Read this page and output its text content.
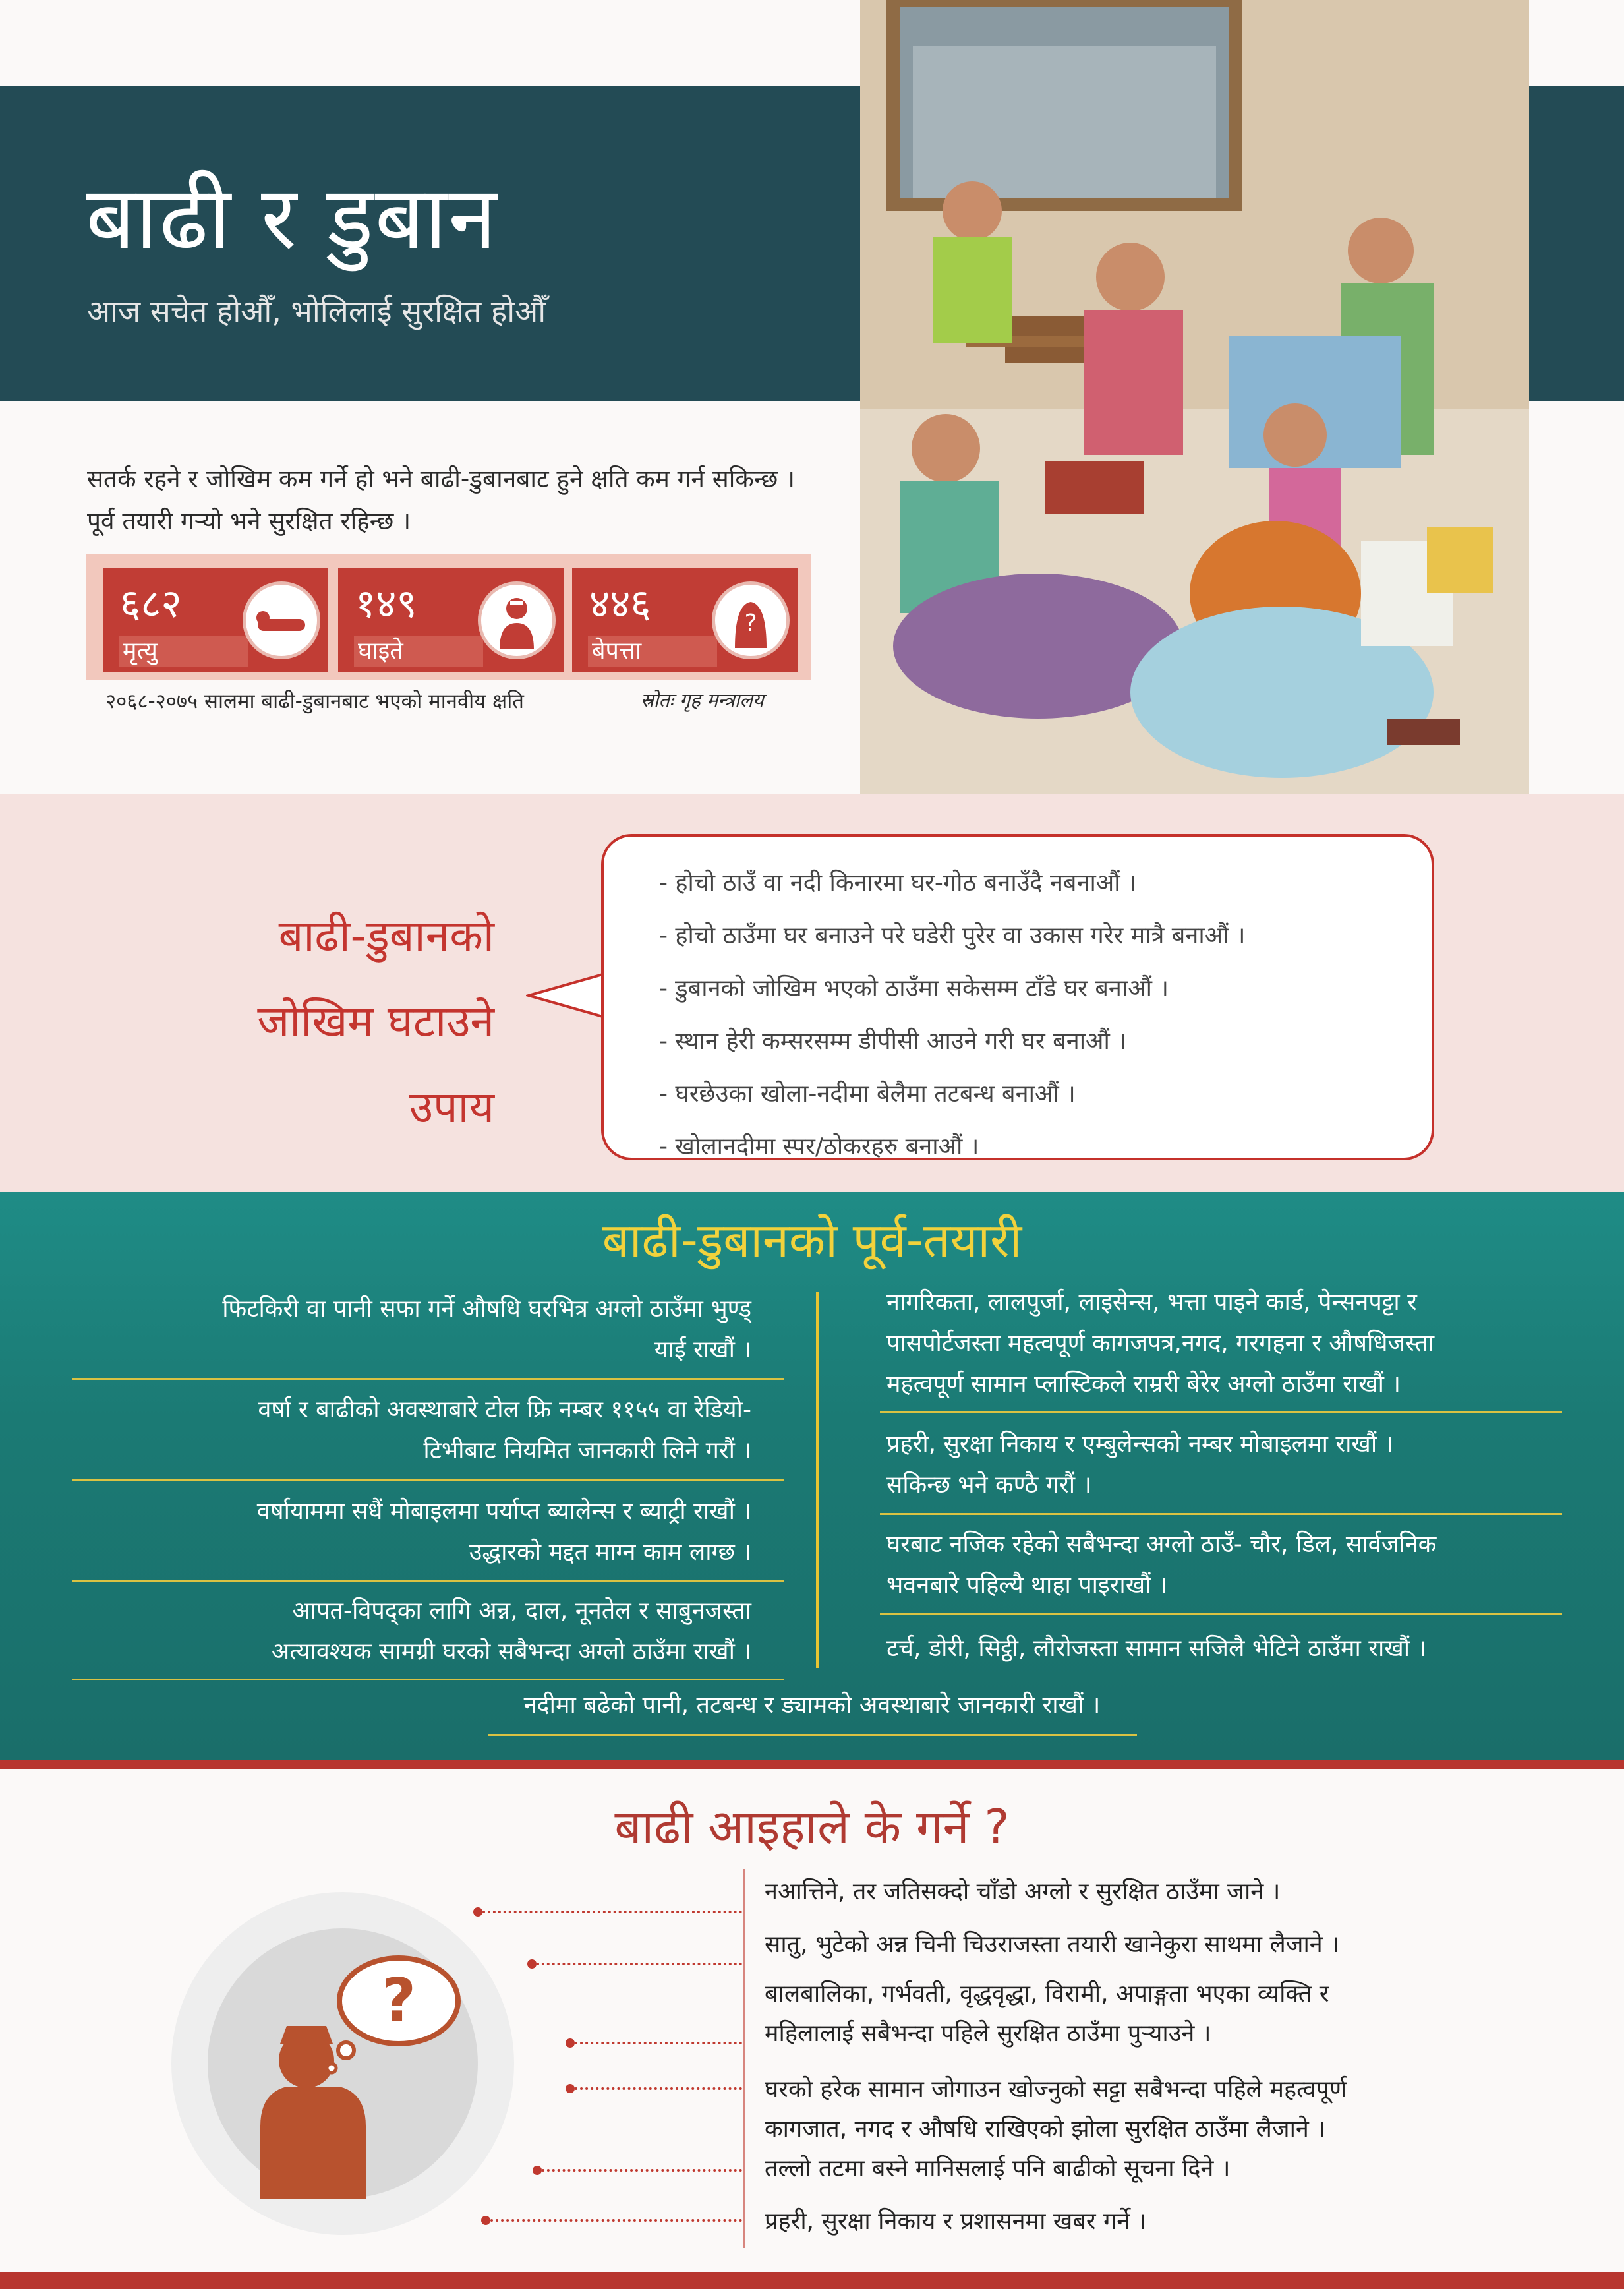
बाढी र डुबान
आज सचेत होऔँ, भोलिलाई सुरक्षित होऔँ
सतर्क रहने र जोखिम कम गर्ने हो भने बाढी-डुबानबाट हुने क्षति कम गर्न सकिन्छ । पूर्व तयारी गऱ्यो भने सुरक्षित रहिन्छ ।
६८२
मृत्यु
१४९
घाइते
४४६
बेपत्ता
?
२०६८-२०७५ सालमा बाढी-डुबानबाट भएको मानवीय क्षति	स्रोतः गृह मन्त्रालय
बाढी-डुबानको
जोखिम घटाउने
उपाय
- होचो ठाउँ वा नदी किनारमा घर-गोठ बनाउँदै नबनाऔं ।
- होचो ठाउँमा घर बनाउने परे घडेरी पुरेर वा उकास गरेर मात्रै बनाऔं ।
- डुबानको जोखिम भएको ठाउँमा सकेसम्म टाँडे घर बनाऔं ।
- स्थान हेरी कम्सरसम्म डीपीसी आउने गरी घर बनाऔं ।
- घरछेउका खोला-नदीमा बेलैमा तटबन्ध बनाऔं ।
- खोलानदीमा स्पर/ठोकरहरु बनाऔं ।
बाढी-डुबानको पूर्व-तयारी
फिटकिरी वा पानी सफा गर्ने औषधि घरभित्र अग्लो ठाउँमा भुण्ड्
याई राखौं ।
वर्षा र बाढीको अवस्थाबारे टोल फ्रि नम्बर ११५५ वा रेडियो-
टिभीबाट नियमित जानकारी लिने गरौं ।
वर्षायाममा सधैं मोबाइलमा पर्याप्त ब्यालेन्स र ब्याट्री राखौं ।
उद्धारको मद्दत माग्न काम लाग्छ ।
आपत-विपद्का लागि अन्न, दाल, नूनतेल र साबुनजस्ता
अत्यावश्यक सामग्री घरको सबैभन्दा अग्लो ठाउँमा राखौं ।
नागरिकता, लालपुर्जा, लाइसेन्स, भत्ता पाइने कार्ड, पेन्सनपट्टा र
पासपोर्टजस्ता महत्वपूर्ण कागजपत्र,नगद, गरगहना र औषधिजस्ता
महत्वपूर्ण सामान प्लास्टिकले राम्ररी बेरेर अग्लो ठाउँमा राखौं ।
प्रहरी, सुरक्षा निकाय र एम्बुलेन्सको नम्बर मोबाइलमा राखौं ।
सकिन्छ भने कण्ठै गरौं ।
घरबाट नजिक रहेको सबैभन्दा अग्लो ठाउँ- चौर, डिल, सार्वजनिक
भवनबारे पहिल्यै थाहा पाइराखौं ।
टर्च, डोरी, सिट्ठी, लौरोजस्ता सामान सजिलै भेटिने ठाउँमा राखौं ।
नदीमा बढेको पानी, तटबन्ध र ड्यामको अवस्थाबारे जानकारी राखौं ।
बाढी आइहाले के गर्ने ?
?
नआत्तिने, तर जतिसक्दो चाँडो अग्लो र सुरक्षित ठाउँमा जाने ।
सातु, भुटेको अन्न चिनी चिउराजस्ता तयारी खानेकुरा साथमा लैजाने ।
बालबालिका, गर्भवती, वृद्धवृद्धा, विरामी, अपाङ्गता भएका व्यक्ति र
महिलालाई सबैभन्दा पहिले सुरक्षित ठाउँमा पुऱ्याउने ।
घरको हरेक सामान जोगाउन खोज्नुको सट्टा सबैभन्दा पहिले महत्वपूर्ण
कागजात, नगद र औषधि राखिएको झोला सुरक्षित ठाउँमा लैजाने ।
तल्लो तटमा बस्ने मानिसलाई पनि बाढीको सूचना दिने ।
प्रहरी, सुरक्षा निकाय र प्रशासनमा खबर गर्ने ।
